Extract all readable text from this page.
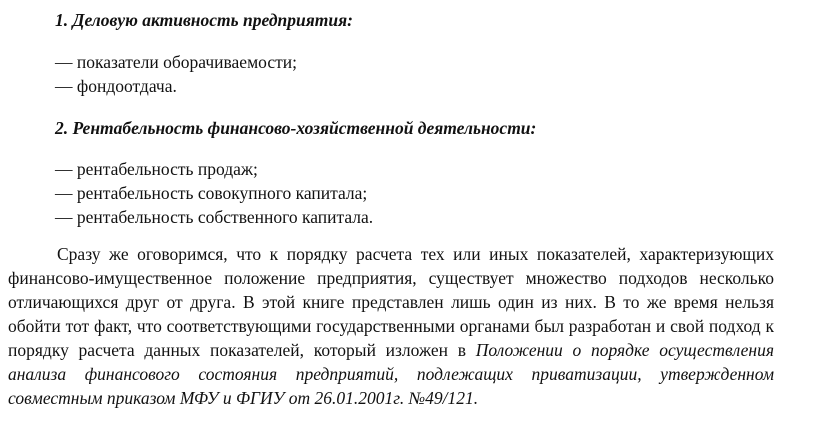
1. Деловую активность предприятия:

— показатели оборачиваемости;
— фондоотдача.

2. Рентабельность финансово-хозяйственной деятельности:

— рентабельность продаж;
— рентабельность совокупного капитала;
— рентабельность собственного капитала.

Сразу же оговоримся, что к порядку расчета тех или иных показателей, характеризующих финансово-имущественное положение предприятия, существует множество подходов несколько отличающихся друг от друга. В этой книге представлен лишь один из них. В то же время нельзя обойти тот факт, что соответствующими государственными органами был разработан и свой подход к порядку расчета данных показателей, который изложен в Положении о порядке осуществления анализа финансового состояния предприятий, подлежащих приватизации, утвержденном совместным приказом МФУ и ФГИУ от 26.01.2001г. №49/121.
